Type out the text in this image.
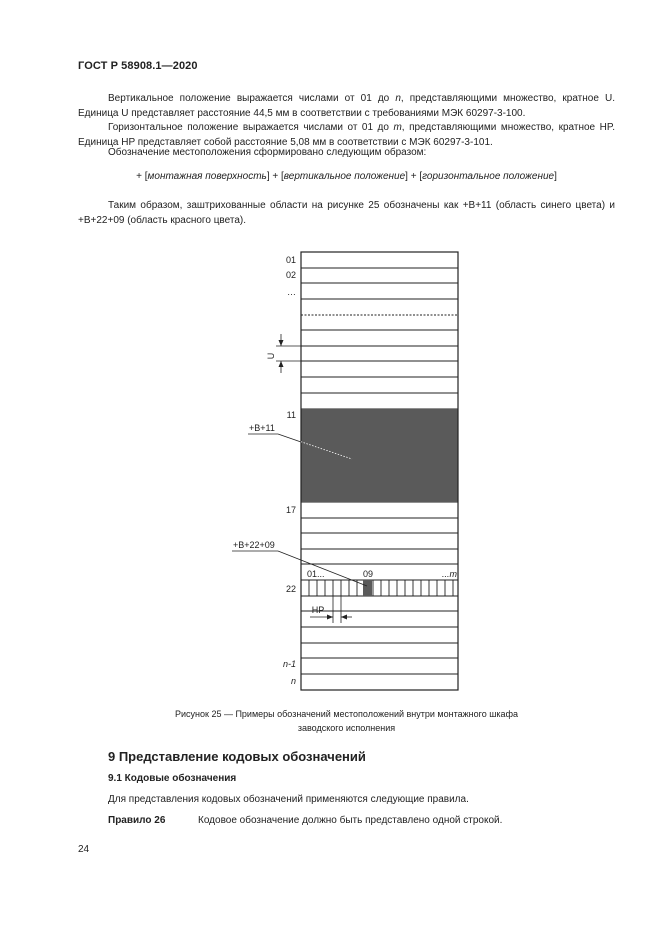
ГОСТ Р 58908.1—2020
Вертикальное положение выражается числами от 01 до n, представляющими множество, кратное U. Единица U представляет расстояние 44,5 мм в соответствии с требованиями МЭК 60297-3-100.
Горизонтальное положение выражается числами от 01 до m, представляющими множество, кратное HP. Единица HP представляет собой расстояние 5,08 мм в соответствии с МЭК 60297-3-101.
Обозначение местоположения сформировано следующим образом:
+ [монтажная поверхность] + [вертикальное положение] + [горизонтальное положение]
Таким образом, заштрихованные области на рисунке 25 обозначены как +В+11 (область синего цвета) и +В+22+09 (область красного цвета).
01
02
…
11
17
22
n-1
n
U
+В+11
+В+22+09
01...	09	...m
HP
Рисунок 25 — Примеры обозначений местоположений внутри монтажного шкафа
заводского исполнения
9 Представление кодовых обозначений
9.1 Кодовые обозначения
Для представления кодовых обозначений применяются следующие правила.
Правило 26	Кодовое обозначение должно быть представлено одной строкой.
24
